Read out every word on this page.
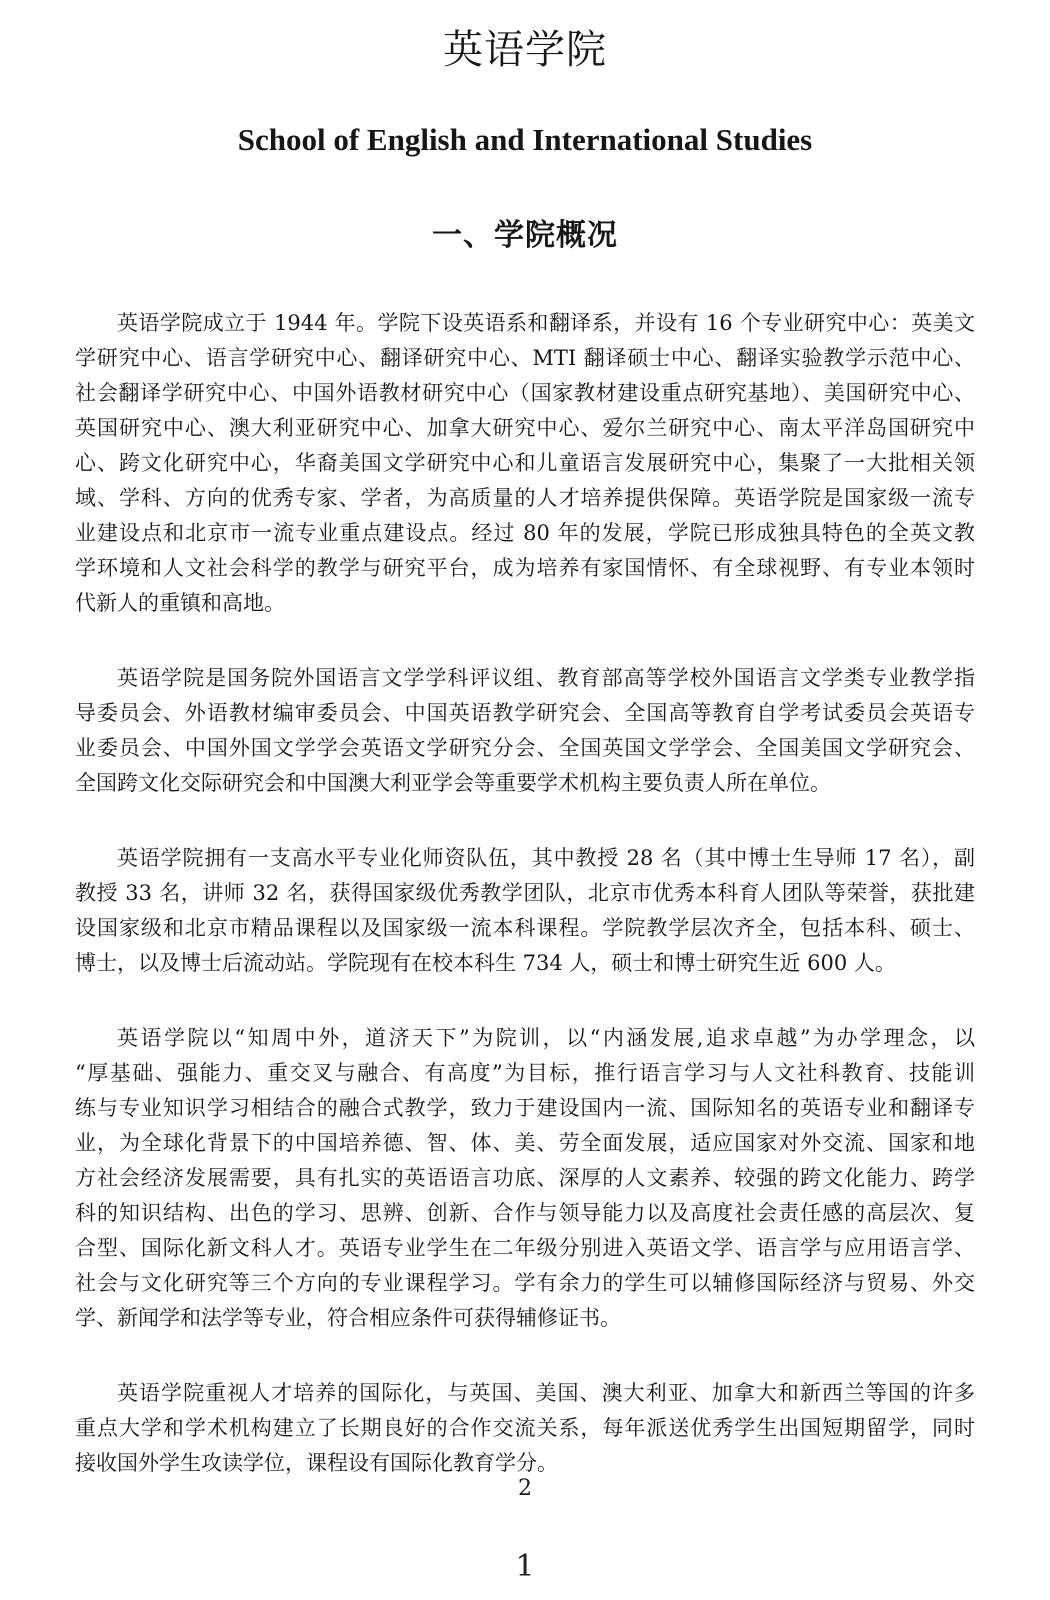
英语学院
School of English and International Studies
一、学院概况
英语学院成立于 1944 年。学院下设英语系和翻译系，并设有 16 个专业研究中心：英美文
学研究中心、语言学研究中心、翻译研究中心、MTI 翻译硕士中心、翻译实验教学示范中心、
社会翻译学研究中心、中国外语教材研究中心（国家教材建设重点研究基地）、美国研究中心、
英国研究中心、澳大利亚研究中心、加拿大研究中心、爱尔兰研究中心、南太平洋岛国研究中
心、跨文化研究中心，华裔美国文学研究中心和儿童语言发展研究中心，集聚了一大批相关领
域、学科、方向的优秀专家、学者，为高质量的人才培养提供保障。英语学院是国家级一流专
业建设点和北京市一流专业重点建设点。经过 80 年的发展，学院已形成独具特色的全英文教
学环境和人文社会科学的教学与研究平台，成为培养有家国情怀、有全球视野、有专业本领时
代新人的重镇和高地。
英语学院是国务院外国语言文学学科评议组、教育部高等学校外国语言文学类专业教学指
导委员会、外语教材编审委员会、中国英语教学研究会、全国高等教育自学考试委员会英语专
业委员会、中国外国文学学会英语文学研究分会、全国英国文学学会、全国美国文学研究会、
全国跨文化交际研究会和中国澳大利亚学会等重要学术机构主要负责人所在单位。
英语学院拥有一支高水平专业化师资队伍，其中教授 28 名（其中博士生导师 17 名），副
教授 33 名，讲师 32 名，获得国家级优秀教学团队，北京市优秀本科育人团队等荣誉，获批建
设国家级和北京市精品课程以及国家级一流本科课程。学院教学层次齐全，包括本科、硕士、
博士，以及博士后流动站。学院现有在校本科生 734 人，硕士和博士研究生近 600 人。
英语学院以“知周中外，道济天下”为院训，以“内涵发展,追求卓越”为办学理念，以
“厚基础、强能力、重交叉与融合、有高度”为目标，推行语言学习与人文社科教育、技能训
练与专业知识学习相结合的融合式教学，致力于建设国内一流、国际知名的英语专业和翻译专
业，为全球化背景下的中国培养德、智、体、美、劳全面发展，适应国家对外交流、国家和地
方社会经济发展需要，具有扎实的英语语言功底、深厚的人文素养、较强的跨文化能力、跨学
科的知识结构、出色的学习、思辨、创新、合作与领导能力以及高度社会责任感的高层次、复
合型、国际化新文科人才。英语专业学生在二年级分别进入英语文学、语言学与应用语言学、
社会与文化研究等三个方向的专业课程学习。学有余力的学生可以辅修国际经济与贸易、外交
学、新闻学和法学等专业，符合相应条件可获得辅修证书。
英语学院重视人才培养的国际化，与英国、美国、澳大利亚、加拿大和新西兰等国的许多
重点大学和学术机构建立了长期良好的合作交流关系，每年派送优秀学生出国短期留学，同时
接收国外学生攻读学位，课程设有国际化教育学分。
2
1
